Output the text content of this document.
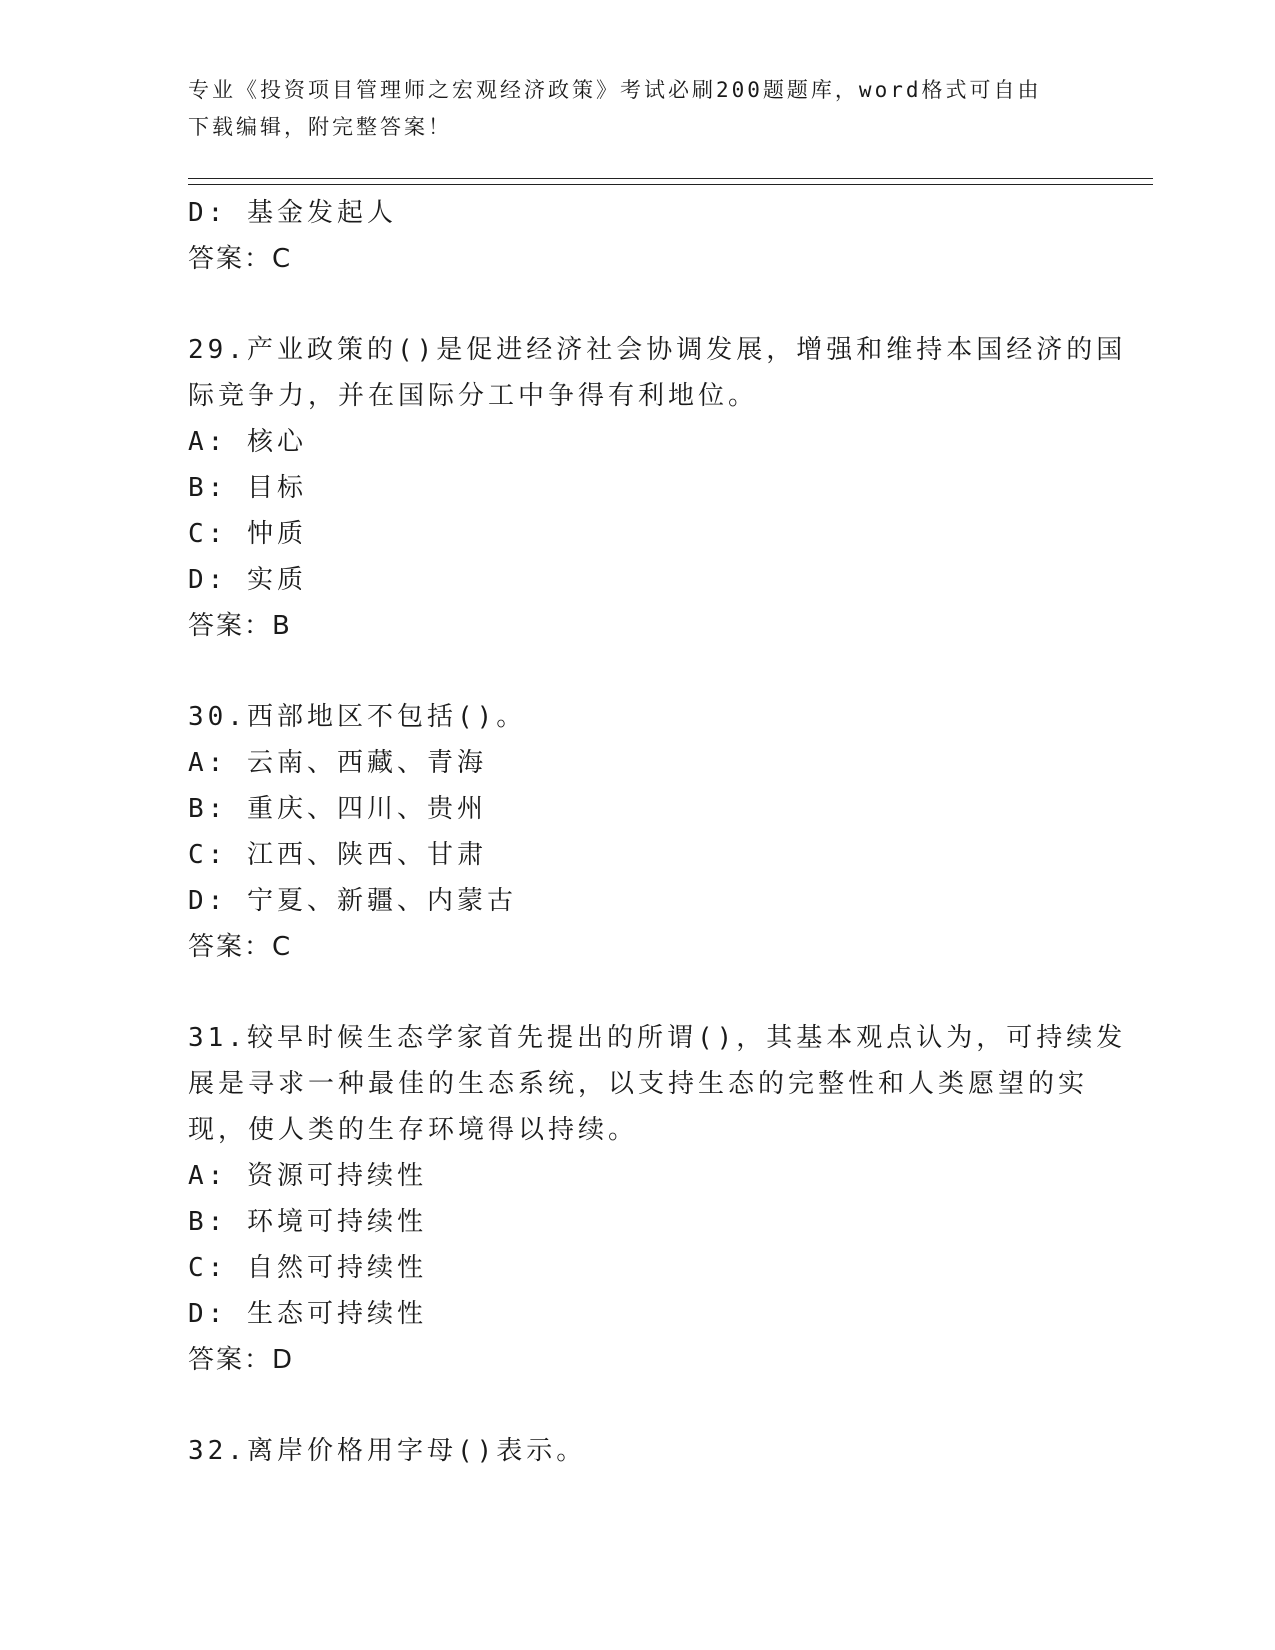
专业《投资项目管理师之宏观经济政策》考试必刷200题题库，word格式可自由
下载编辑，附完整答案！
D: 基金发起人
答案：C
29.产业政策的()是促进经济社会协调发展，增强和维持本国经济的国
际竞争力，并在国际分工中争得有利地位。
A: 核心
B: 目标
C: 忡质
D: 实质
答案：B
30.西部地区不包括()。
A: 云南、西藏、青海
B: 重庆、四川、贵州
C: 江西、陕西、甘肃
D: 宁夏、新疆、内蒙古
答案：C
31.较早时候生态学家首先提出的所谓()，其基本观点认为，可持续发
展是寻求一种最佳的生态系统，以支持生态的完整性和人类愿望的实
现，使人类的生存环境得以持续。
A: 资源可持续性
B: 环境可持续性
C: 自然可持续性
D: 生态可持续性
答案：D
32.离岸价格用字母()表示。
